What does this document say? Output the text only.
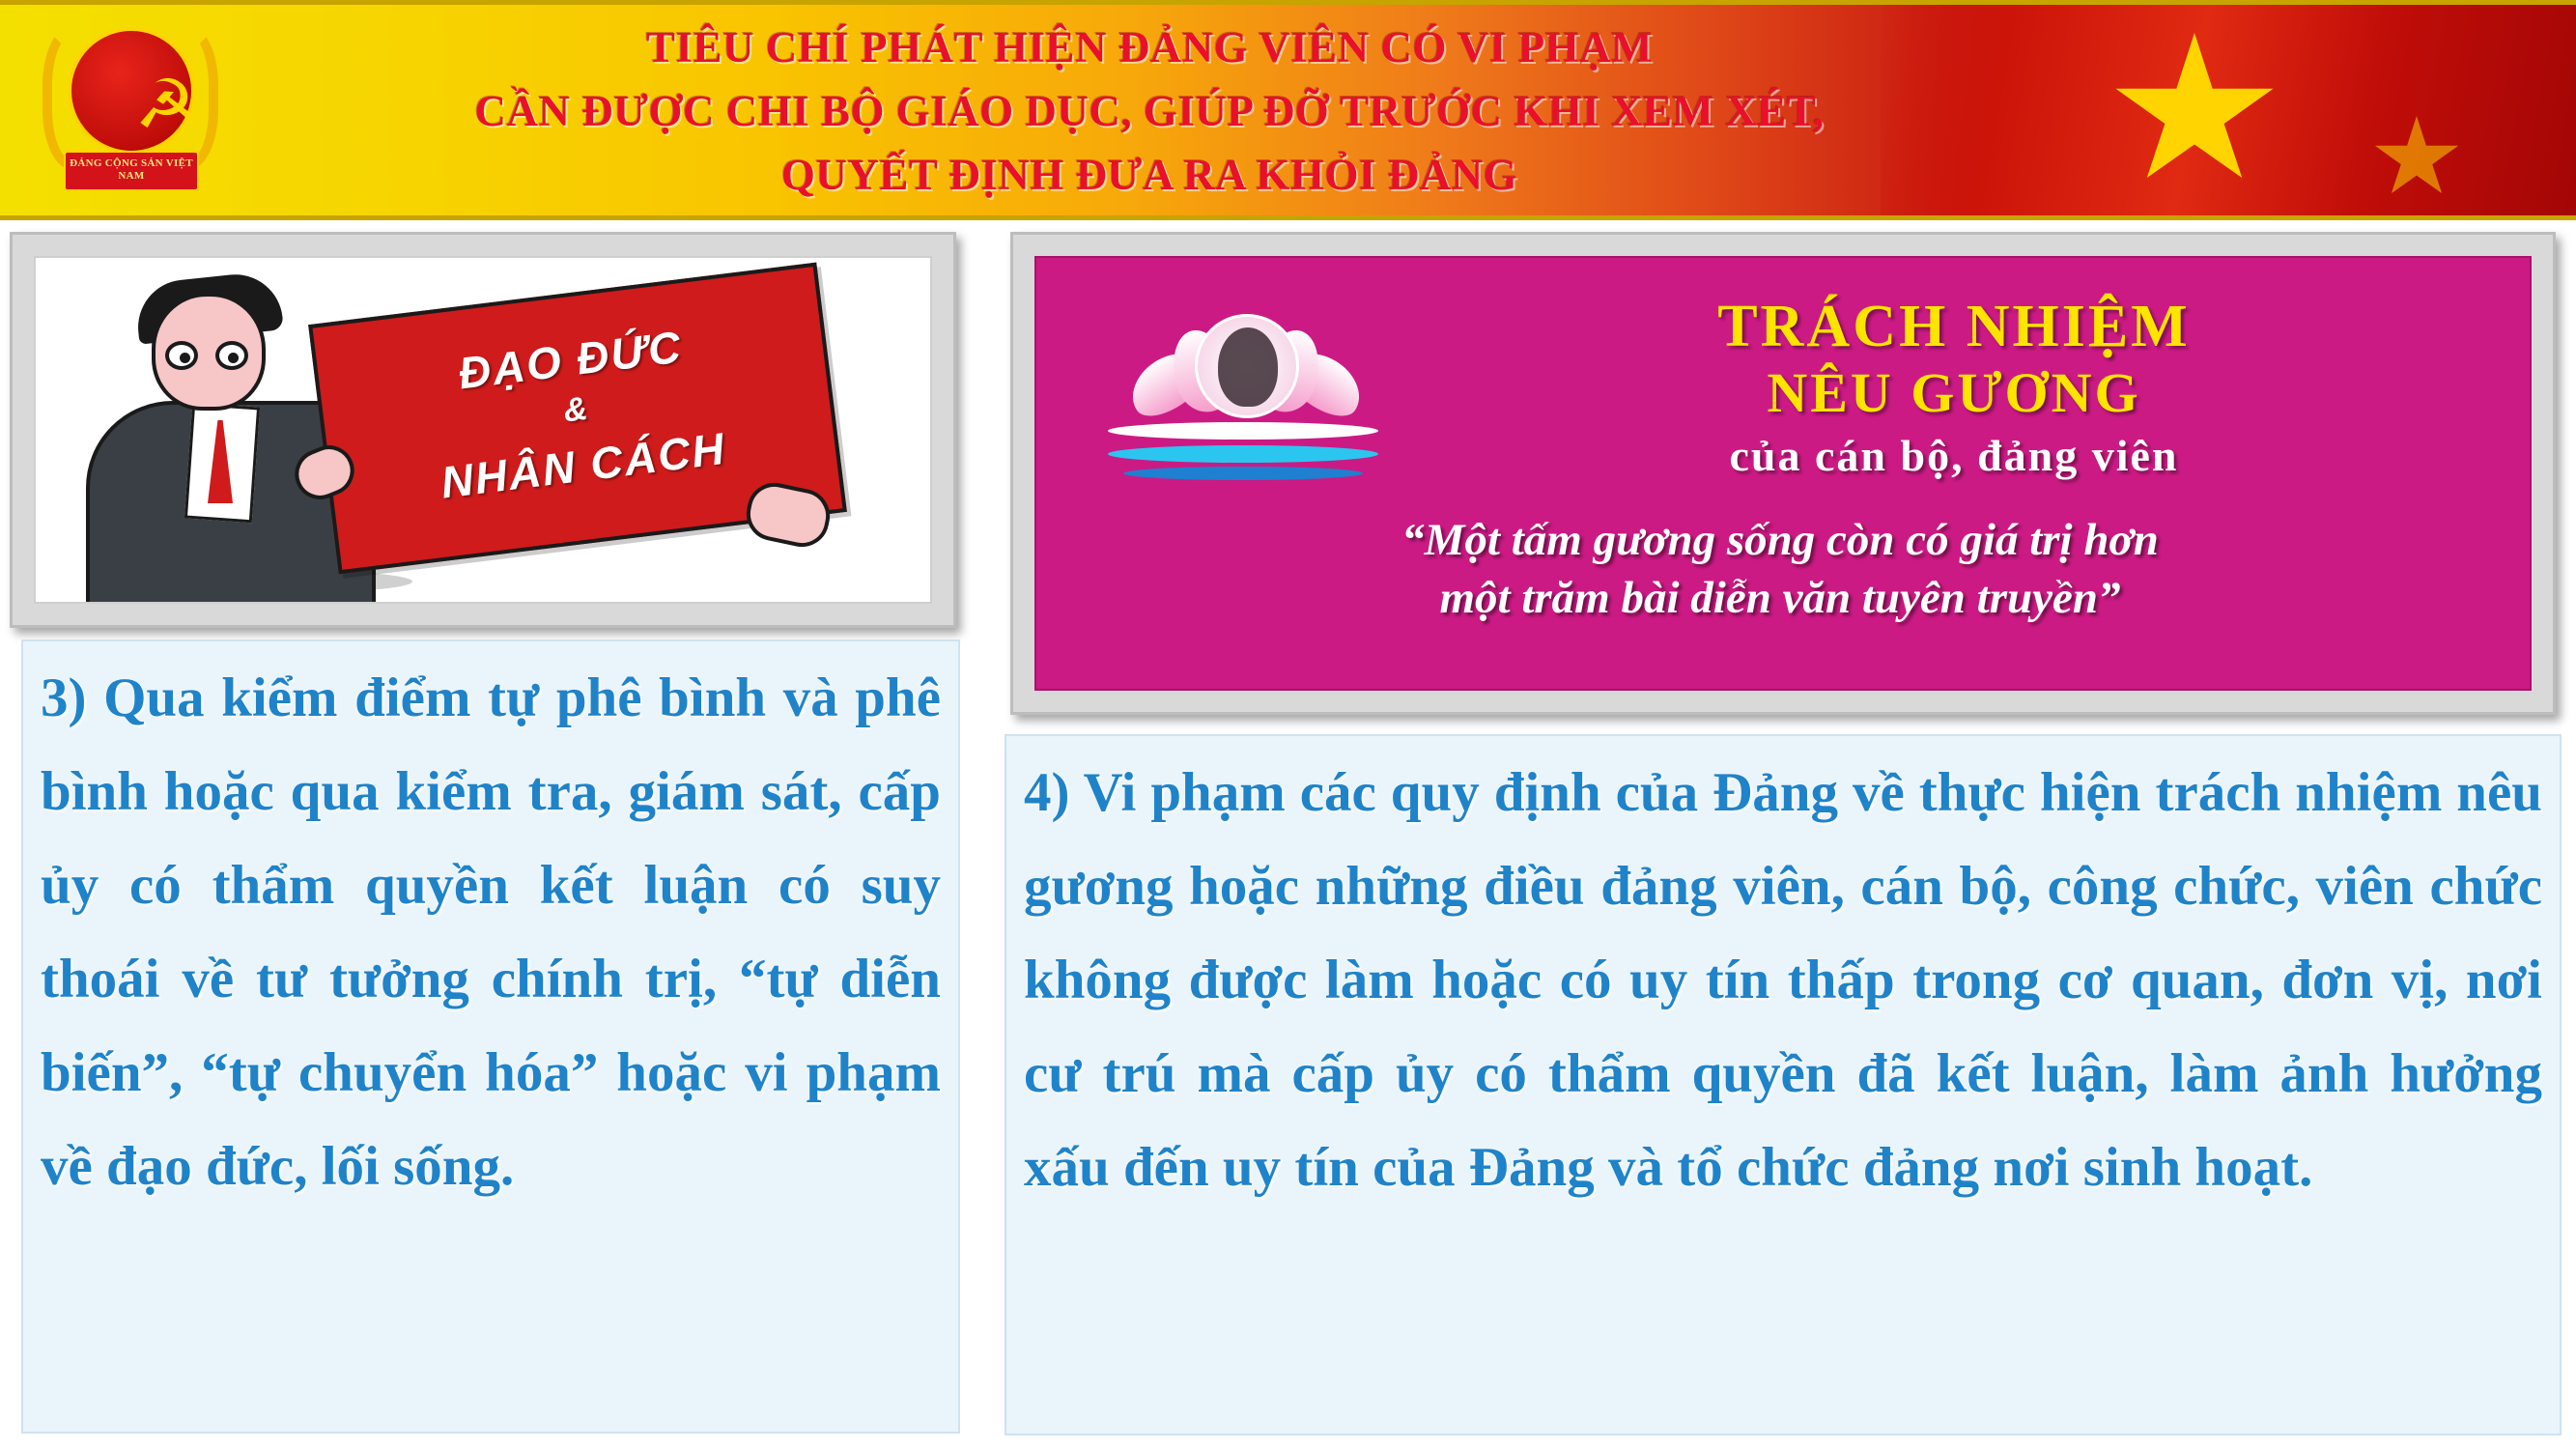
☭
ĐẢNG CỘNG SẢN VIỆT NAM
TIÊU CHÍ PHÁT HIỆN ĐẢNG VIÊN CÓ VI PHẠM
CẦN ĐƯỢC CHI BỘ GIÁO DỤC, GIÚP ĐỠ TRƯỚC KHI XEM XÉT,
QUYẾT ĐỊNH ĐƯA RA KHỎI ĐẢNG
ĐẠO ĐỨC
&
NHÂN CÁCH
TRÁCH NHIỆM
NÊU GƯƠNG
của cán bộ, đảng viên
“Một tấm gương sống còn có giá trị hơn
một trăm bài diễn văn tuyên truyền”
3) Qua kiểm điểm tự phê bình và phê bình hoặc qua kiểm tra, giám sát, cấp ủy có thẩm quyền kết luận có suy thoái về tư tưởng chính trị, “tự diễn biến”, “tự chuyển hóa” hoặc vi phạm về đạo đức, lối sống.
4) Vi phạm các quy định của Đảng về thực hiện trách nhiệm nêu gương hoặc những điều đảng viên, cán bộ, công chức, viên chức không được làm hoặc có uy tín thấp trong cơ quan, đơn vị, nơi cư trú mà cấp ủy có thẩm quyền đã kết luận, làm ảnh hưởng xấu đến uy tín của Đảng và tổ chức đảng nơi sinh hoạt.
